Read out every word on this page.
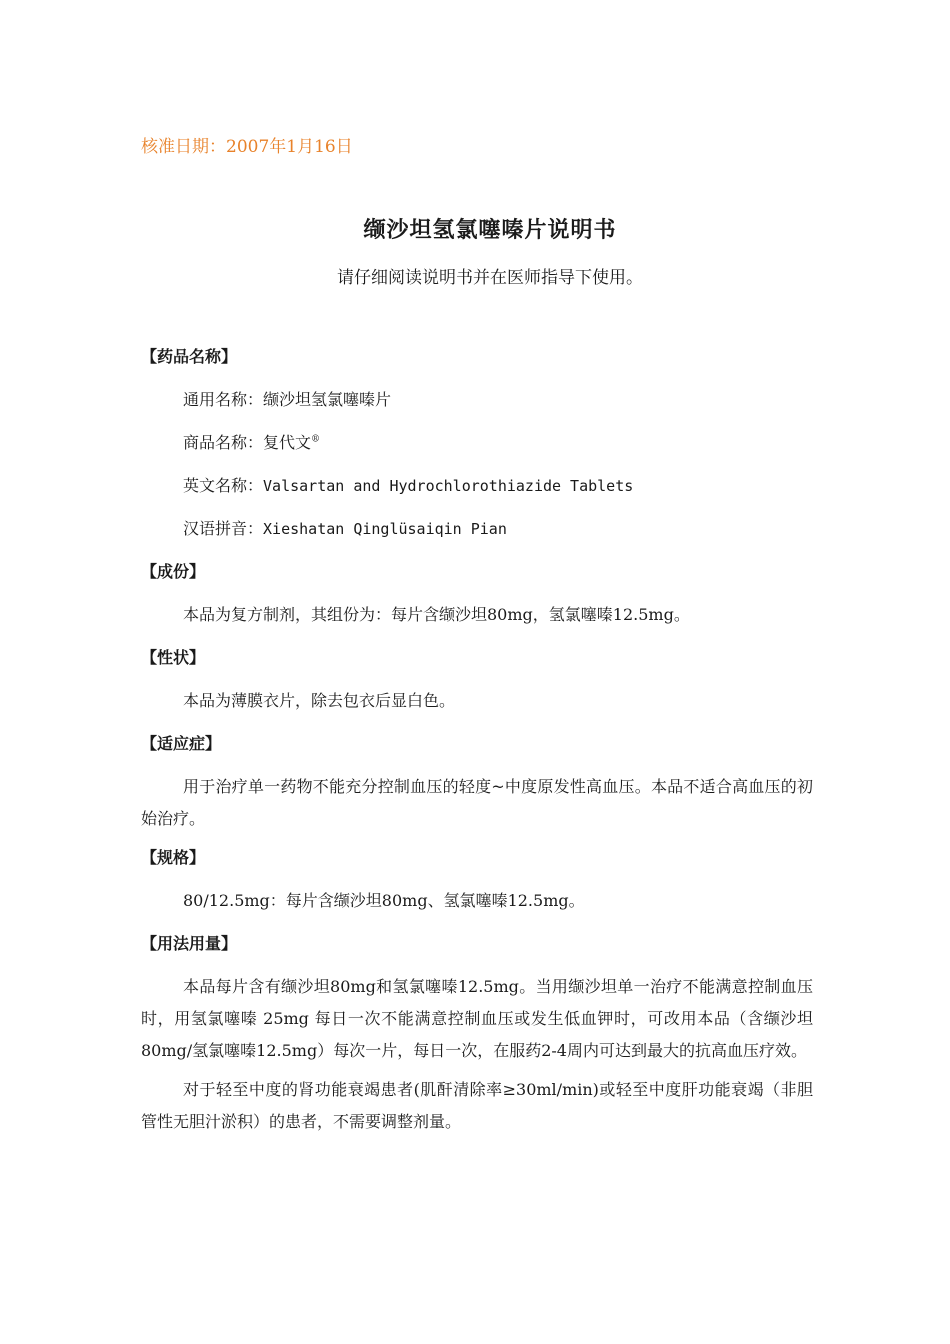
核准日期：2007年1月16日
缬沙坦氢氯噻嗪片说明书
请仔细阅读说明书并在医师指导下使用。
【药品名称】
通用名称：缬沙坦氢氯噻嗪片
商品名称：复代文®
英文名称：Valsartan and Hydrochlorothiazide Tablets
汉语拼音：Xieshatan Qinglüsaiqin Pian
【成份】
本品为复方制剂，其组份为：每片含缬沙坦80mg，氢氯噻嗪12.5mg。
【性状】
本品为薄膜衣片，除去包衣后显白色。
【适应症】
用于治疗单一药物不能充分控制血压的轻度~中度原发性高血压。本品不适合高血压的初始治疗。
【规格】
80/12.5mg：每片含缬沙坦80mg、氢氯噻嗪12.5mg。
【用法用量】
本品每片含有缬沙坦80mg和氢氯噻嗪12.5mg。当用缬沙坦单一治疗不能满意控制血压时，用氢氯噻嗪 25mg 每日一次不能满意控制血压或发生低血钾时，可改用本品（含缬沙坦80mg/氢氯噻嗪12.5mg）每次一片，每日一次，在服药2-4周内可达到最大的抗高血压疗效。
对于轻至中度的肾功能衰竭患者(肌酐清除率≥30ml/min)或轻至中度肝功能衰竭（非胆管性无胆汁淤积）的患者，不需要调整剂量。
